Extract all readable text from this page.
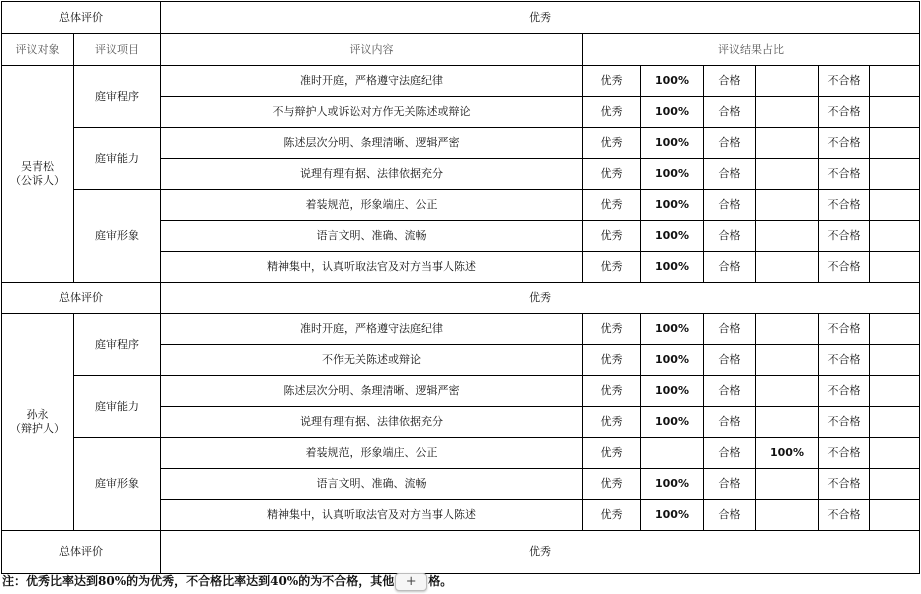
总体评价		优秀						
评议对象	评议项目	评议内容	评议结果占比					

吴青松
（公诉人）	庭审程序	准时开庭，严格遵守法庭纪律	优秀	100%	合格		不合格	
		不与辩护人或诉讼对方作无关陈述或辩论	优秀	100%	合格		不合格	
	庭审能力	陈述层次分明、条理清晰、逻辑严密	优秀	100%	合格		不合格	
		说理有理有据、法律依据充分	优秀	100%	合格		不合格	
	庭审形象	着装规范，形象端庄、公正	优秀	100%	合格		不合格	
		语言文明、准确、流畅	优秀	100%	合格		不合格	
		精神集中，认真听取法官及对方当事人陈述	优秀	100%	合格		不合格	
总体评价		优秀						

孙永
（辩护人）	庭审程序	准时开庭，严格遵守法庭纪律	优秀	100%	合格		不合格	
		不作无关陈述或辩论	优秀	100%	合格		不合格	
	庭审能力	陈述层次分明、条理清晰、逻辑严密	优秀	100%	合格		不合格	
		说理有理有据、法律依据充分	优秀	100%	合格		不合格	
	庭审形象	着装规范，形象端庄、公正	优秀		合格	100%	不合格	
		语言文明、准确、流畅	优秀	100%	合格		不合格	
		精神集中，认真听取法官及对方当事人陈述	优秀	100%	合格		不合格	
总体评价		优秀						
注：优秀比率达到80%的为优秀，不合格比率达到40%的为不合格，其他 + 格。
